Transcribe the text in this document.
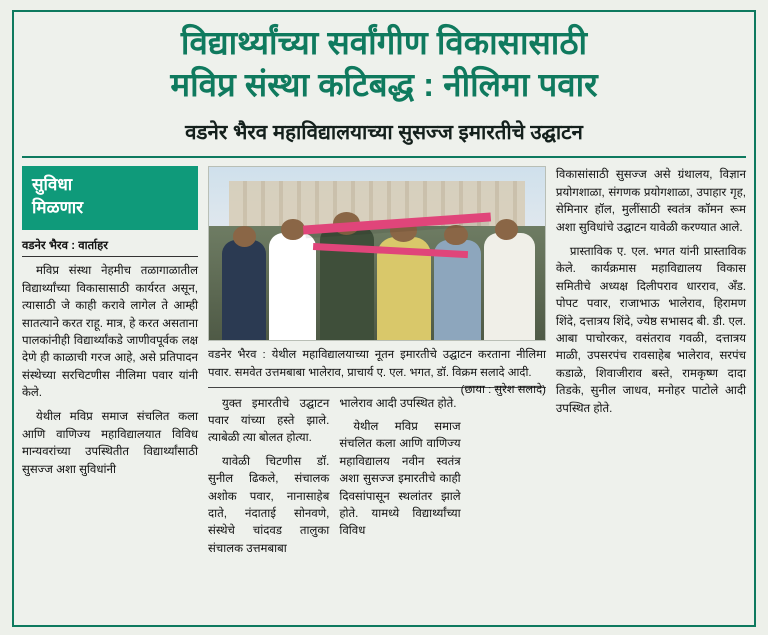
विद्यार्थ्यांच्या सर्वांगीण विकासासाठी
मविप्र संस्था कटिबद्ध : नीलिमा पवार
वडनेर भैरव महाविद्यालयाच्या सुसज्ज इमारतीचे उद्घाटन
सुविधा
मिळणार
वडनेर भैरव : वार्ताहर

मविप्र संस्था नेहमीच तळागाळातील विद्यार्थ्यांच्या विकासासाठी कार्यरत असून, त्यासाठी जे काही करावे लागेल ते आम्ही सातत्याने करत राहू. मात्र, हे करत असताना पालकांनीही विद्यार्थ्यांकडे जाणीवपूर्वक लक्ष देणे ही काळाची गरज आहे, असे प्रतिपादन संस्थेच्या सरचिटणीस नीलिमा पवार यांनी केले.

येथील मविप्र समाज संचलित कला आणि वाणिज्य महाविद्यालयात विविध मान्यवरांच्या उपस्थितीत विद्यार्थ्यांसाठी सुसज्ज अशा सुविधांनी

वडनेर भैरव : येथील महाविद्यालयाच्या नूतन इमारतीचे उद्घाटन करताना नीलिमा पवार. समवेत उत्तमबाबा भालेराव, प्राचार्य ए. एल. भगत, डॉ. विक्रम सलादे आदी.
(छाया : सुरेश सलादे)

युक्त इमारतीचे उद्घाटन पवार यांच्या हस्ते झाले. त्याबेळी त्या बोलत होत्या.

यावेळी चिटणीस डॉ. सुनील ढिकले, संचालक अशोक पवार, नानासाहेब दाते, नंदाताई सोनवणे, संस्थेचे चांदवड तालुका संचालक उत्तमबाबा

भालेराव आदी उपस्थित होते.

येथील मविप्र समाज संचलित कला आणि वाणिज्य महाविद्यालय नवीन स्वतंत्र अशा सुसज्ज इमारतीचे काही दिवसांपासून स्थलांतर झाले होते. यामध्ये विद्यार्थ्यांच्या विविध

विकासांसाठी सुसज्ज असे ग्रंथालय, विज्ञान प्रयोगशाळा, संगणक प्रयोगशाळा, उपाहार गृह, सेमिनार हॉल, मुलींसाठी स्वतंत्र कॉमन रूम अशा सुविधांचे उद्घाटन यावेळी करण्यात आले.

प्रास्ताविक ए. एल. भगत यांनी प्रास्ताविक केले. कार्यक्रमास महाविद्यालय विकास समितीचे अध्यक्ष दिलीपराव धारराव, अँड. पोपट पवार, राजाभाऊ भालेराव, हिरामण शिंदे, दत्तात्रय शिंदे, ज्येष्ठ सभासद बी. डी. एल. आबा पाचोरकर, वसंतराव गवळी, दत्तात्रय माळी, उपसरपंच रावसाहेब भालेराव, सरपंच कडाळे, शिवाजीराव बस्ते, रामकृष्ण दादा तिडके, सुनील जाधव, मनोहर पाटोले आदी उपस्थित होते.
